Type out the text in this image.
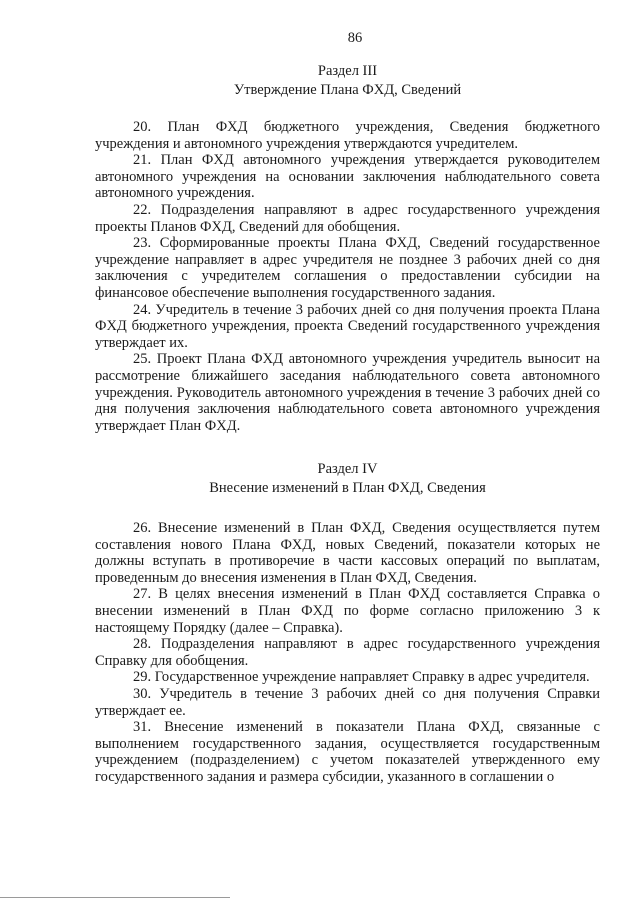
86
Раздел III
Утверждение Плана ФХД, Сведений

20. План ФХД бюджетного учреждения, Сведения бюджетного учреждения и автономного учреждения утверждаются учредителем.

21. План ФХД автономного учреждения утверждается руководителем автономного учреждения на основании заключения наблюдательного совета автономного учреждения.

22. Подразделения направляют в адрес государственного учреждения проекты Планов ФХД, Сведений для обобщения.

23. Сформированные проекты Плана ФХД, Сведений государственное учреждение направляет в адрес учредителя не позднее 3 рабочих дней со дня заключения с учредителем соглашения о предоставлении субсидии на финансовое обеспечение выполнения государственного задания.

24. Учредитель в течение 3 рабочих дней со дня получения проекта Плана ФХД бюджетного учреждения, проекта Сведений государственного учреждения утверждает их.

25. Проект Плана ФХД автономного учреждения учредитель выносит на рассмотрение ближайшего заседания наблюдательного совета автономного учреждения. Руководитель автономного учреждения в течение 3 рабочих дней со дня получения заключения наблюдательного совета автономного учреждения утверждает План ФХД.

Раздел IV
Внесение изменений в План ФХД, Сведения

26. Внесение изменений в План ФХД, Сведения осуществляется путем составления нового Плана ФХД, новых Сведений, показатели которых не должны вступать в противоречие в части кассовых операций по выплатам, проведенным до внесения изменения в План ФХД, Сведения.

27. В целях внесения изменений в План ФХД составляется Справка о внесении изменений в План ФХД по форме согласно приложению 3 к настоящему Порядку (далее – Справка).

28. Подразделения направляют в адрес государственного учреждения Справку для обобщения.

29. Государственное учреждение направляет Справку в адрес учредителя.

30. Учредитель в течение 3 рабочих дней со дня получения Справки утверждает ее.

31. Внесение изменений в показатели Плана ФХД, связанные с выполнением государственного задания, осуществляется государственным учреждением (подразделением) с учетом показателей утвержденного ему государственного задания и размера субсидии, указанного в соглашении о
